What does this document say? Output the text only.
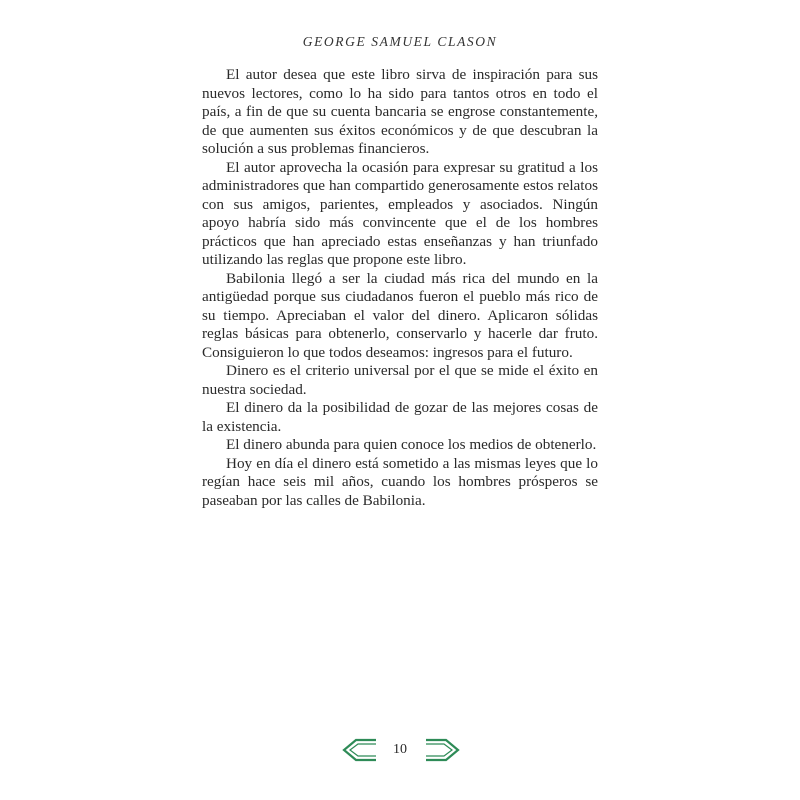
GEORGE SAMUEL CLASON

El autor desea que este libro sirva de inspiración para sus nuevos lectores, como lo ha sido para tantos otros en todo el país, a fin de que su cuenta bancaria se engrose constantemente, de que aumenten sus éxitos económicos y de que descubran la solución a sus problemas financieros.

El autor aprovecha la ocasión para expresar su gratitud a los administradores que han compartido generosamente estos relatos con sus amigos, parientes, empleados y asociados. Ningún apoyo habría sido más convincente que el de los hombres prácticos que han apreciado estas enseñanzas y han triunfado utilizando las reglas que propone este libro.

Babilonia llegó a ser la ciudad más rica del mundo en la antigüedad porque sus ciudadanos fueron el pueblo más rico de su tiempo. Apreciaban el valor del dinero. Aplicaron sólidas reglas básicas para obtenerlo, conservarlo y hacerle dar fruto. Consiguieron lo que todos deseamos: ingresos para el futuro.

Dinero es el criterio universal por el que se mide el éxito en nuestra sociedad.

El dinero da la posibilidad de gozar de las mejores cosas de la existencia.

El dinero abunda para quien conoce los medios de obtenerlo.

Hoy en día el dinero está sometido a las mismas leyes que lo regían hace seis mil años, cuando los hombres prósperos se paseaban por las calles de Babilonia.

10
